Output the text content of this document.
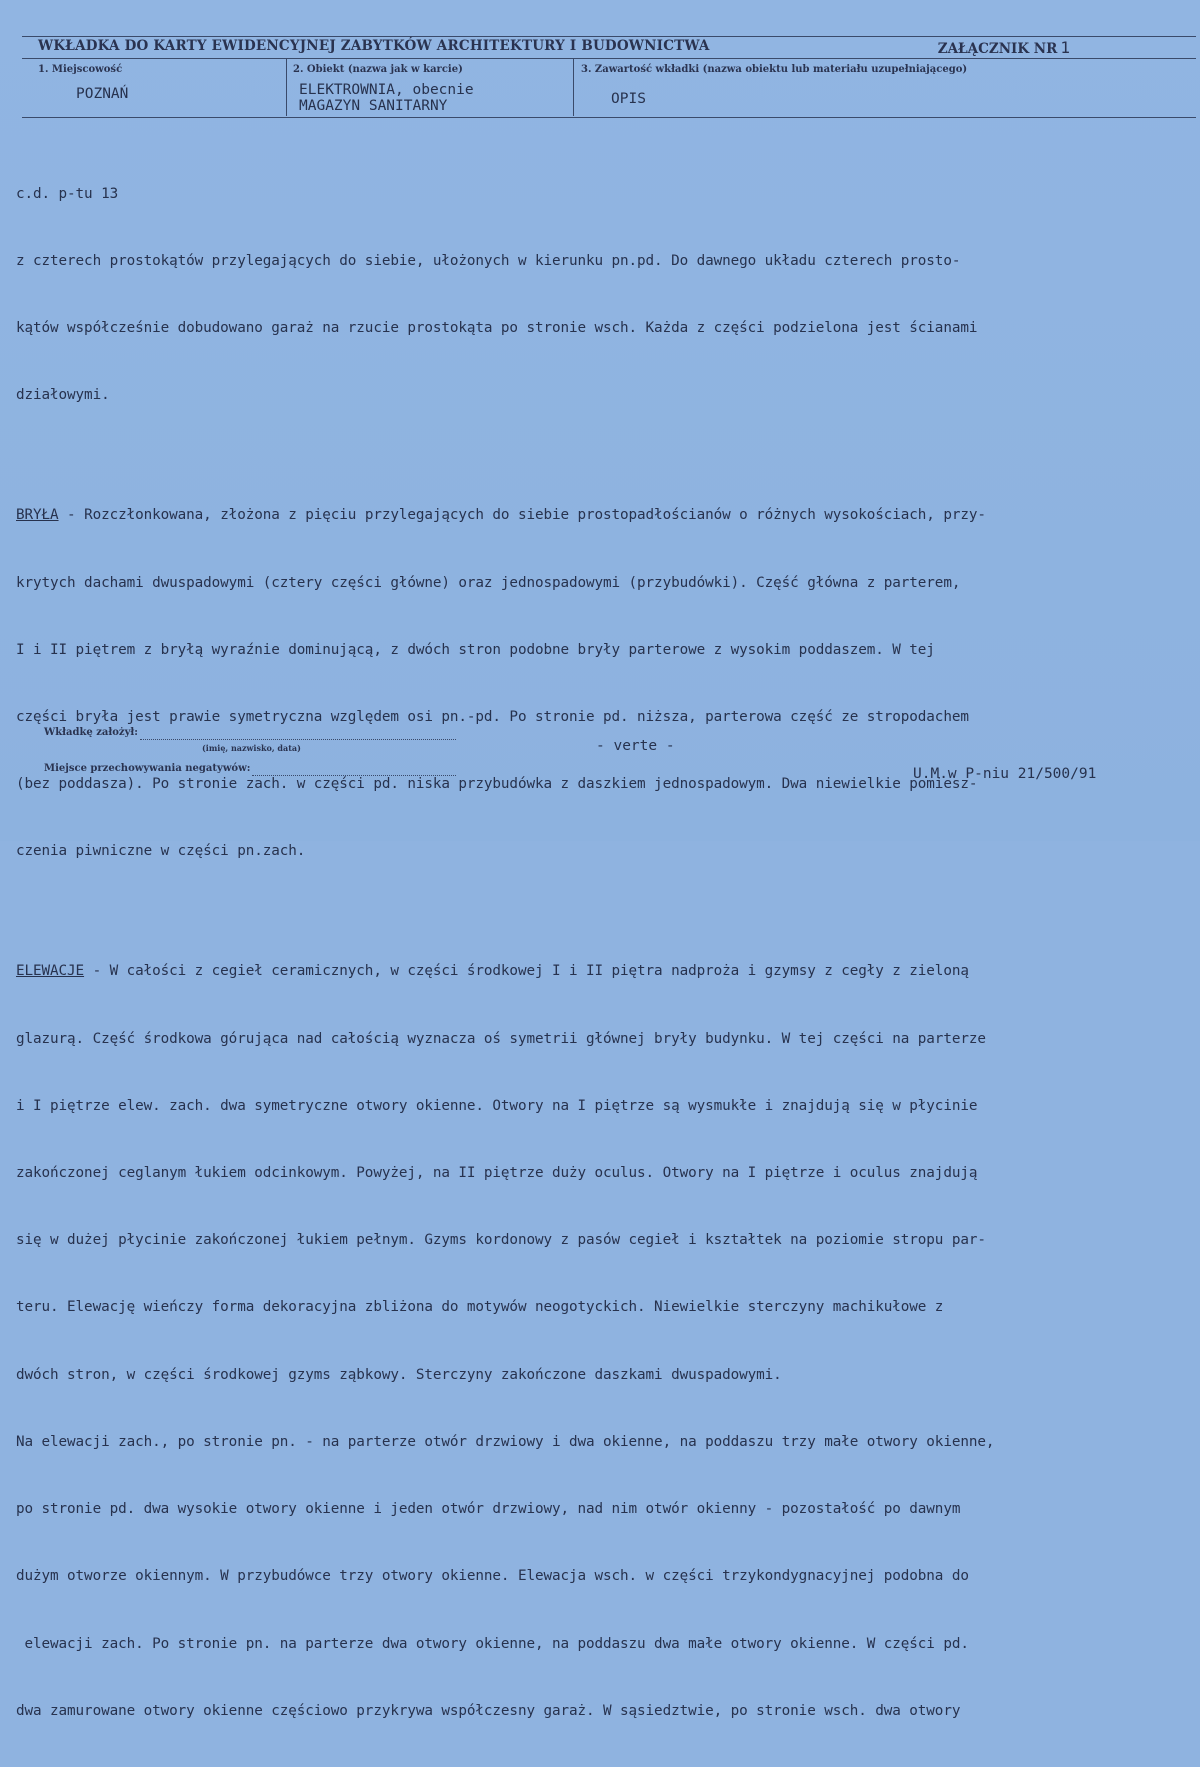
WKŁADKA DO KARTY EWIDENCYJNEJ ZABYTKÓW ARCHITEKTURY I BUDOWNICTWA	ZAŁĄCZNIK NR 1
1. Miejscowość
POZNAŃ
2. Obiekt (nazwa jak w karcie)
ELEKTROWNIA, obecnie
MAGAZYN SANITARNY
3. Zawartość wkładki (nazwa obiektu lub materiału uzupełniającego)
OPIS

c.d. p-tu 13

z czterech prostokątów przylegających do siebie, ułożonych w kierunku pn.pd. Do dawnego układu czterech prosto-

kątów współcześnie dobudowano garaż na rzucie prostokąta po stronie wsch. Każda z części podzielona jest ścianami

działowymi.

BRYŁA - Rozczłonkowana, złożona z pięciu przylegających do siebie prostopadłościanów o różnych wysokościach, przy-

krytych dachami dwuspadowymi (cztery części główne) oraz jednospadowymi (przybudówki). Część główna z parterem,

I i II piętrem z bryłą wyraźnie dominującą, z dwóch stron podobne bryły parterowe z wysokim poddaszem. W tej

części bryła jest prawie symetryczna względem osi pn.-pd. Po stronie pd. niższa, parterowa część ze stropodachem

(bez poddasza). Po stronie zach. w części pd. niska przybudówka z daszkiem jednospadowym. Dwa niewielkie pomiesz-

czenia piwniczne w części pn.zach.

ELEWACJE - W całości z cegieł ceramicznych, w części środkowej I i II piętra nadproża i gzymsy z cegły z zieloną

glazurą. Część środkowa górująca nad całością wyznacza oś symetrii głównej bryły budynku. W tej części na parterze

i I piętrze elew. zach. dwa symetryczne otwory okienne. Otwory na I piętrze są wysmukłe i znajdują się w płycinie

zakończonej ceglanym łukiem odcinkowym. Powyżej, na II piętrze duży oculus. Otwory na I piętrze i oculus znajdują

się w dużej płycinie zakończonej łukiem pełnym. Gzyms kordonowy z pasów cegieł i kształtek na poziomie stropu par-

teru. Elewację wieńczy forma dekoracyjna zbliżona do motywów neogotyckich. Niewielkie sterczyny machikułowe z

dwóch stron, w części środkowej gzyms ząbkowy. Sterczyny zakończone daszkami dwuspadowymi.

Na elewacji zach., po stronie pn. - na parterze otwór drzwiowy i dwa okienne, na poddaszu trzy małe otwory okienne,

po stronie pd. dwa wysokie otwory okienne i jeden otwór drzwiowy, nad nim otwór okienny - pozostałość po dawnym

dużym otworze okiennym. W przybudówce trzy otwory okienne. Elewacja wsch. w części trzykondygnacyjnej podobna do

elewacji zach. Po stronie pn. na parterze dwa otwory okienne, na poddaszu dwa małe otwory okienne. W części pd.

dwa zamurowane otwory okienne częściowo przykrywa współczesny garaż. W sąsiedztwie, po stronie wsch. dwa otwory

Wkładkę założył:
(imię, nazwisko, data)
Miejsce przechowywania negatywów:
- verte -
U.M.w P-niu 21/500/91
